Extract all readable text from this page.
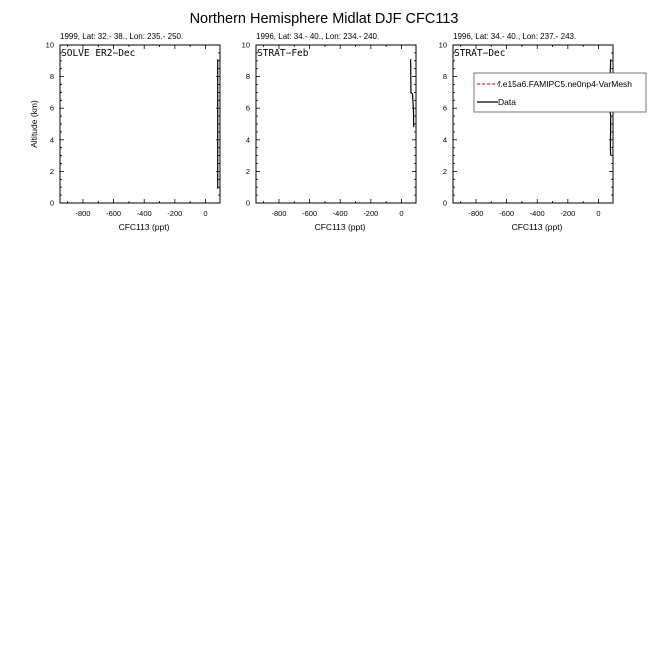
Northern Hemisphere Midlat DJF CFC113
-800 -600 -400 -200	0
0
2
4
6
8
10
1999, Lat: 32.- 38., Lon: 235.- 250.
SOLVE ER2−Dec
CFC113 (ppt)
Altitude (km)
-800 -600 -400 -200	0
0
2
4
6
8
10
1996, Lat: 34.- 40., Lon: 234.- 240.
STRAT−Feb
CFC113 (ppt)
-800 -600 -400 -200	0
0
2
4
6
8
10
1996, Lat: 34.- 40., Lon: 237.- 243.
STRAT−Dec
CFC113 (ppt)
f.e15a6.FAMIPC5.ne0np4-VarMesh
Data
